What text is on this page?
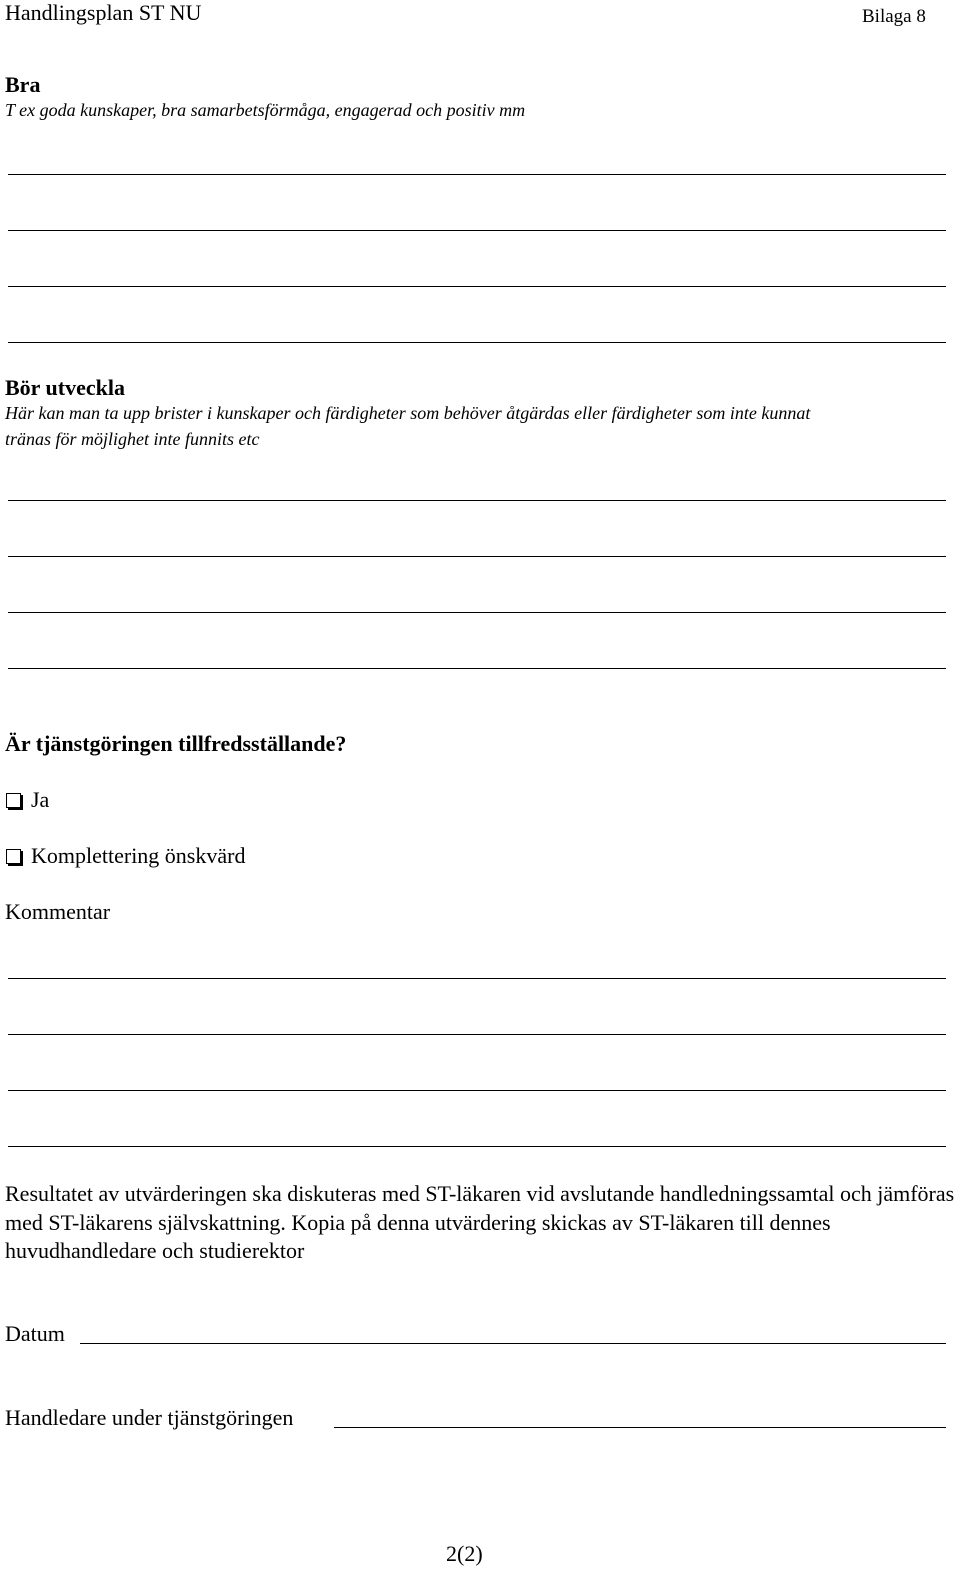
Handlingsplan ST NU	Bilaga 8
Bra
T ex goda kunskaper, bra samarbetsförmåga, engagerad och positiv mm
Bör utveckla
Här kan man ta upp brister i kunskaper och färdigheter som behöver åtgärdas eller färdigheter som inte kunnat
tränas för möjlighet inte funnits etc
Är tjänstgöringen tillfredsställande?
Ja
Komplettering önskvärd
Kommentar
Resultatet av utvärderingen ska diskuteras med ST-läkaren vid avslutande handledningssamtal och jämföras med ST-läkarens självskattning. Kopia på denna utvärdering skickas av ST-läkaren till dennes huvudhandledare och studierektor
Datum
Handledare under tjänstgöringen
2(2)
